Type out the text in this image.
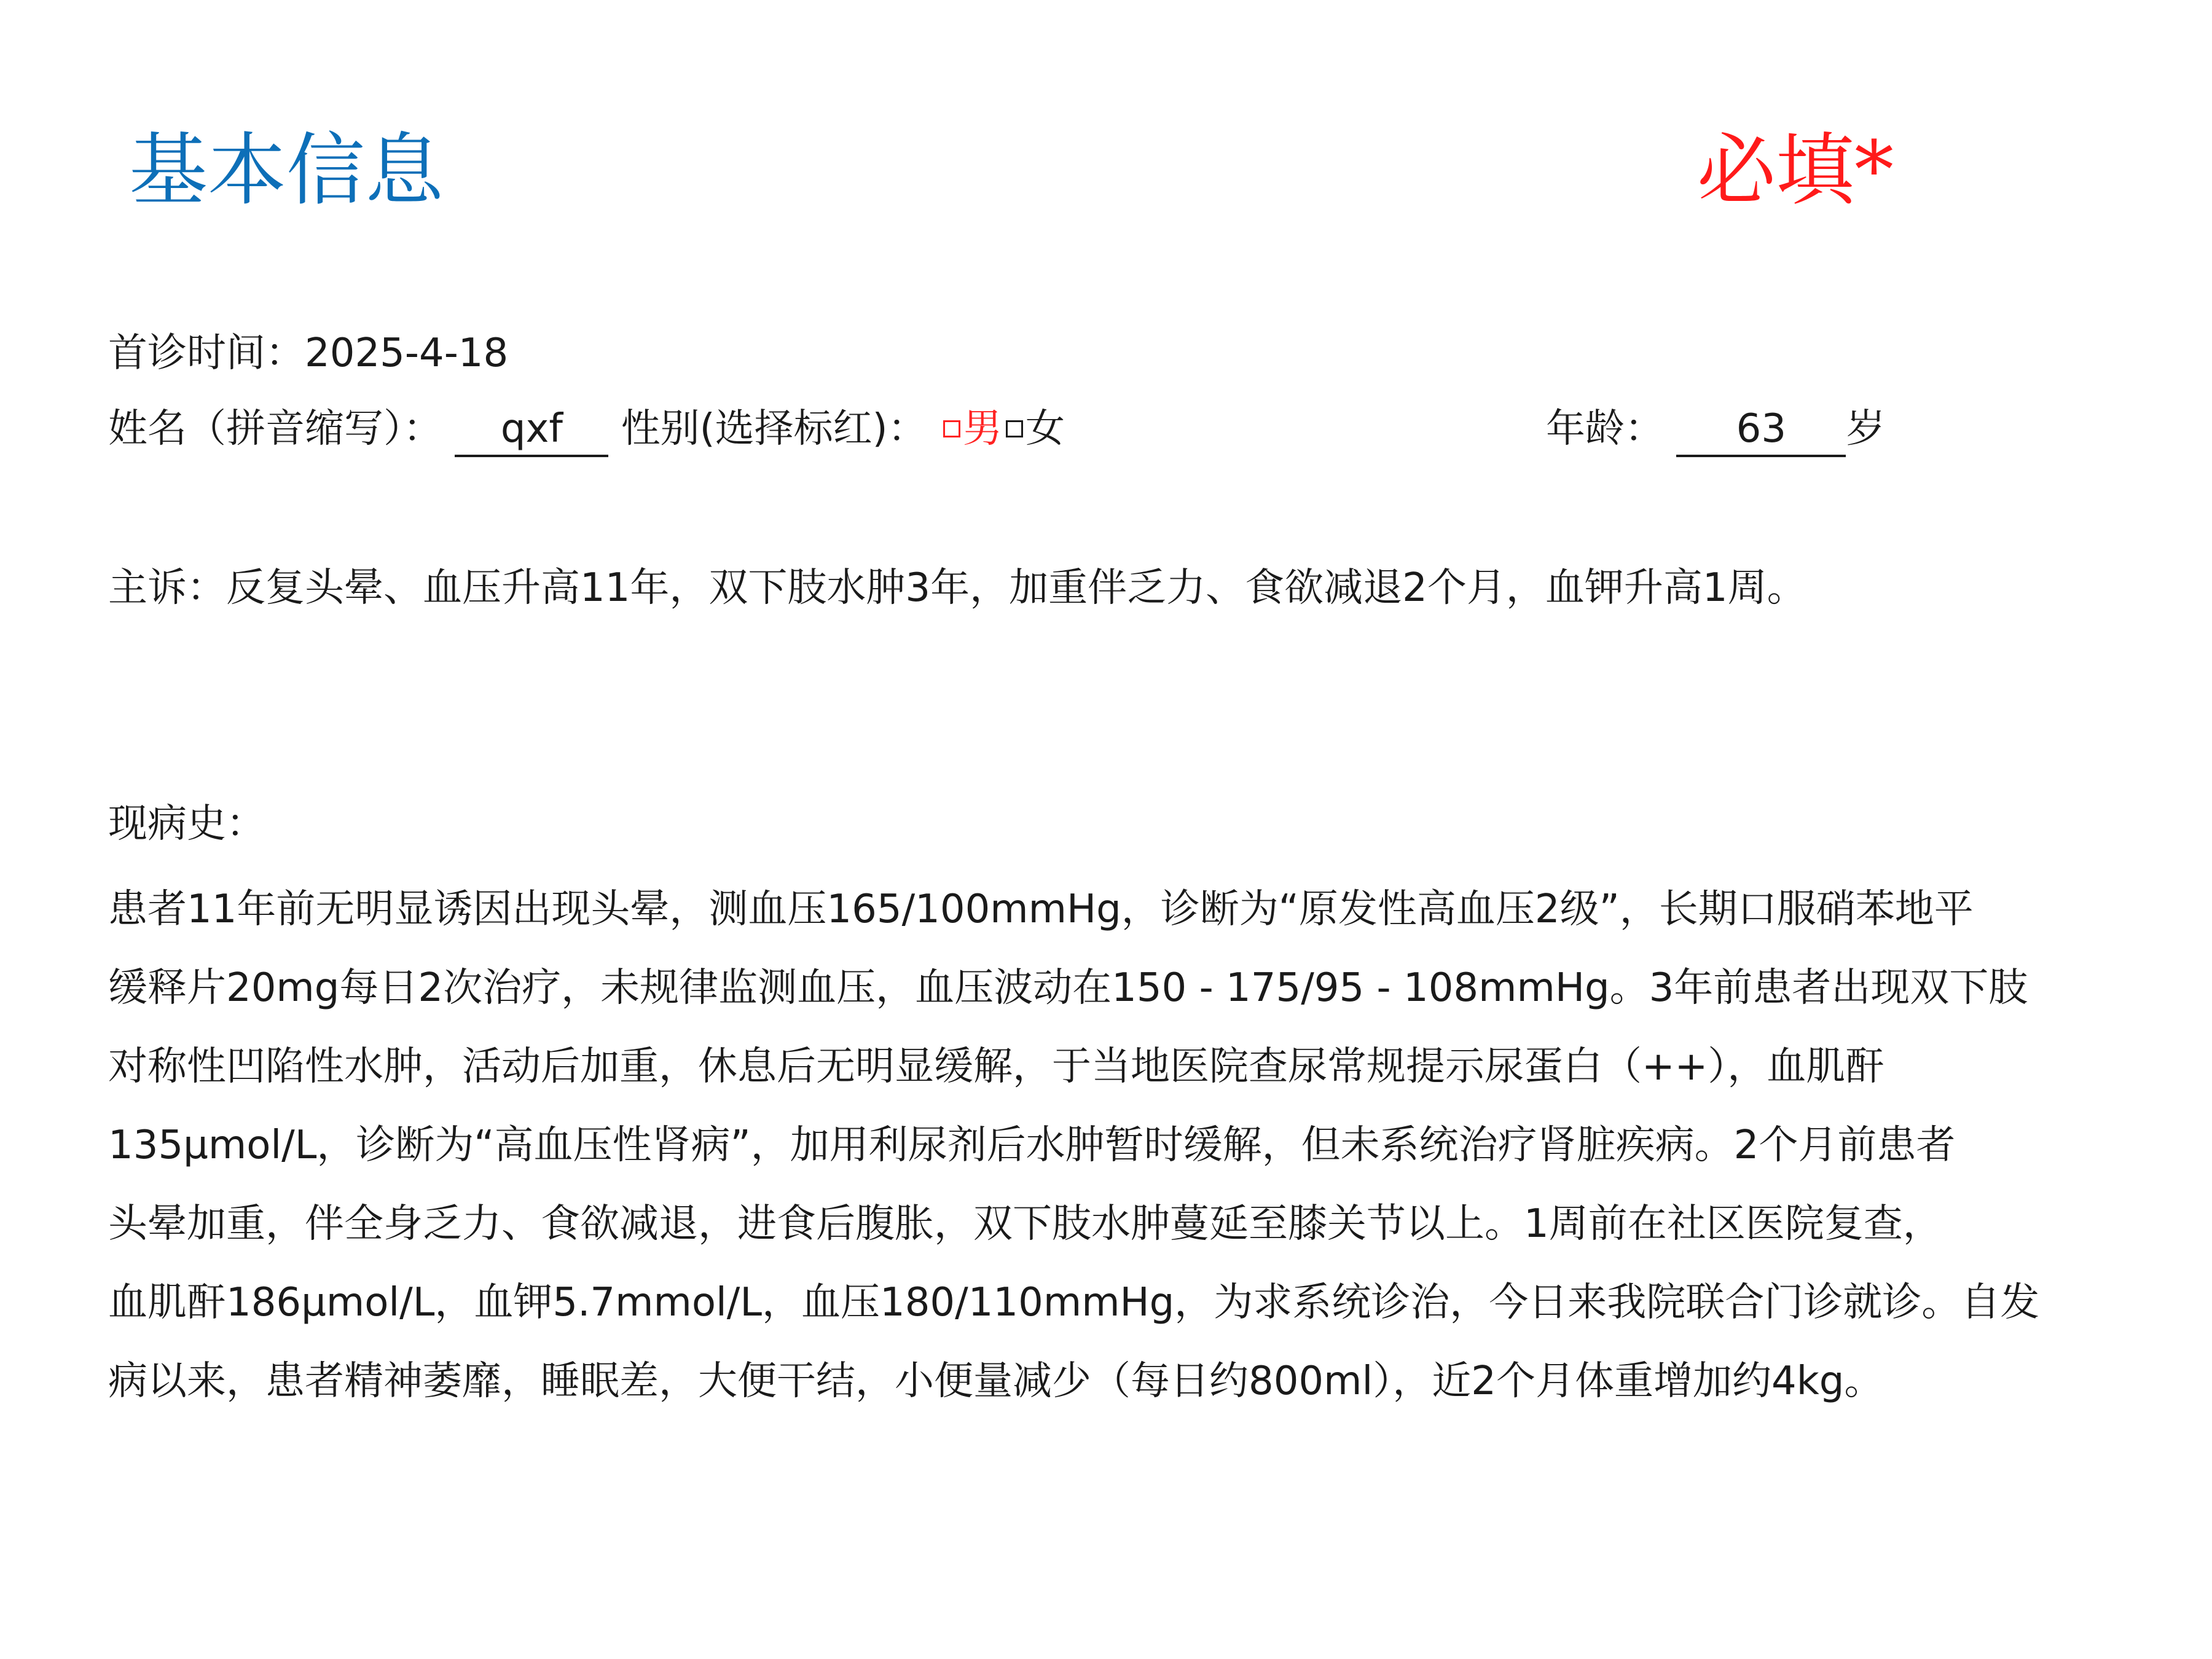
基本信息	必填*
首诊时间：2025-4-18
姓名（拼音缩写）： qxf 性别(选择标红)： 男 女	年龄： 63 岁
主诉：反复头晕、血压升高11年，双下肢水肿3年，加重伴乏力、食欲减退2个月，血钾升高1周。
现病史：
患者11年前无明显诱因出现头晕，测血压165/100mmHg，诊断为“原发性高血压2级”，长期口服硝苯地平
缓释片20mg每日2次治疗，未规律监测血压，血压波动在150 - 175/95 - 108mmHg。3年前患者出现双下肢
对称性凹陷性水肿，活动后加重，休息后无明显缓解，于当地医院查尿常规提示尿蛋白（++），血肌酐
135μmol/L，诊断为“高血压性肾病”，加用利尿剂后水肿暂时缓解，但未系统治疗肾脏疾病。2个月前患者
头晕加重，伴全身乏力、食欲减退，进食后腹胀，双下肢水肿蔓延至膝关节以上。1周前在社区医院复查，
血肌酐186μmol/L，血钾5.7mmol/L，血压180/110mmHg，为求系统诊治，今日来我院联合门诊就诊。自发
病以来，患者精神萎靡，睡眠差，大便干结，小便量减少（每日约800ml），近2个月体重增加约4kg。
